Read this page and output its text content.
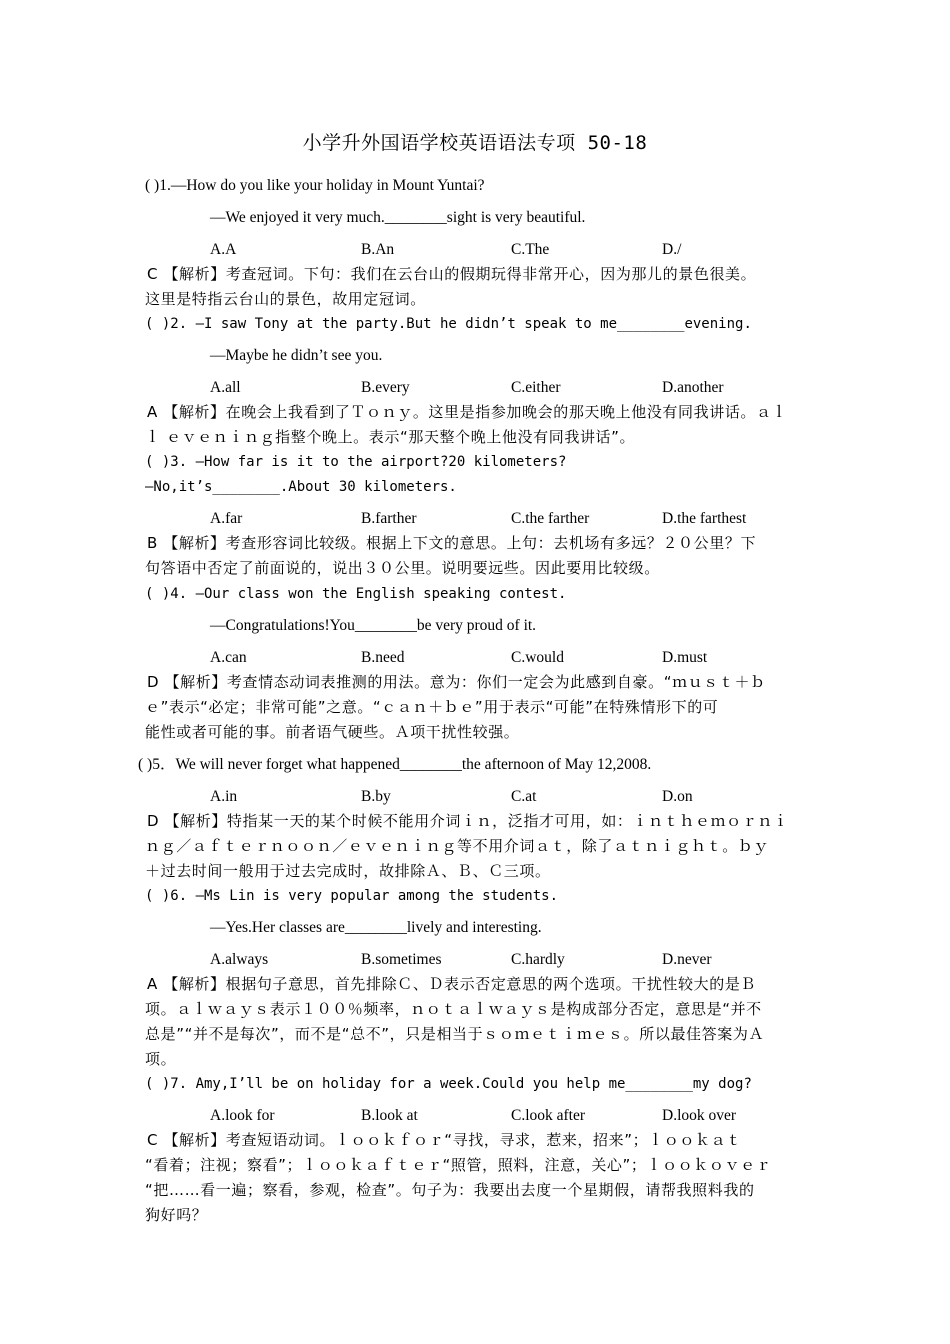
小学升外国语学校英语语法专项 50-18
( )1.—How do you like your holiday in Mount Yuntai?
—We enjoyed it very much.________sight is very beautiful.
A.A	B.An	C.The	D./
C 【解析】考查冠词。下句：我们在云台山的假期玩得非常开心，因为那儿的景色很美。
这里是特指云台山的景色，故用定冠词。
( )2. —I saw Tony at the party.But he didn’t speak to me________evening.
—Maybe he didn’t see you.
A.all	B.every	C.either	D.another
A 【解析】在晚会上我看到了Ｔｏｎｙ。这里是指参加晚会的那天晚上他没有同我讲话。ａｌ
ｌ ｅｖｅｎｉｎｇ指整个晚上。表示“那天整个晚上他没有同我讲话”。
( )3. —How far is it to the airport?20 kilometers?
—No,it’s________.About 30 kilometers.
A.far	B.farther	C.the farther	D.the farthest
B 【解析】考查形容词比较级。根据上下文的意思。上句：去机场有多远？２０公里？下
句答语中否定了前面说的，说出３０公里。说明要远些。因此要用比较级。
( )4. —Our class won the English speaking contest.
—Congratulations!You________be very proud of it.
A.can	B.need	C.would	D.must
D 【解析】考查情态动词表推测的用法。意为：你们一定会为此感到自豪。“ｍｕｓｔ＋ｂ
ｅ”表示“必定；非常可能”之意。“ｃａｎ＋ｂｅ”用于表示“可能”在特殊情形下的可
能性或者可能的事。前者语气硬些。Ａ项干扰性较强。
( )5．We will never forget what happened________the afternoon of May 12,2008.
A.in	B.by	C.at	D.on
D 【解析】特指某一天的某个时候不能用介词ｉｎ，泛指才可用，如：ｉｎｔｈｅｍｏｒｎｉ
ｎｇ／ａｆｔｅｒｎｏｏｎ／ｅｖｅｎｉｎｇ等不用介词ａｔ，除了ａｔｎｉｇｈｔ。ｂｙ
＋过去时间一般用于过去完成时，故排除Ａ、Ｂ、Ｃ三项。
( )6. —Ms Lin is very popular among the students.
—Yes.Her classes are________lively and interesting.
A.always	B.sometimes	C.hardly	D.never
A 【解析】根据句子意思，首先排除Ｃ、Ｄ表示否定意思的两个选项。干扰性较大的是Ｂ
项。ａｌｗａｙｓ表示１００％频率，ｎｏｔａｌｗａｙｓ是构成部分否定，意思是“并不
总是”“并不是每次”，而不是“总不”，只是相当于ｓｏｍｅｔｉｍｅｓ。所以最佳答案为Ａ
项。
( )7. Amy,I’ll be on holiday for a week.Could you help me________my dog?
A.look for	B.look at	C.look after	D.look over
C 【解析】考查短语动词。ｌｏｏｋｆｏｒ“寻找，寻求，惹来，招来”；ｌｏｏｋａｔ
“看着；注视；察看”；ｌｏｏｋａｆｔｅｒ“照管，照料，注意，关心”；ｌｏｏｋｏｖｅｒ
“把……看一遍；察看，参观，检查”。句子为：我要出去度一个星期假，请帮我照料我的
狗好吗？
